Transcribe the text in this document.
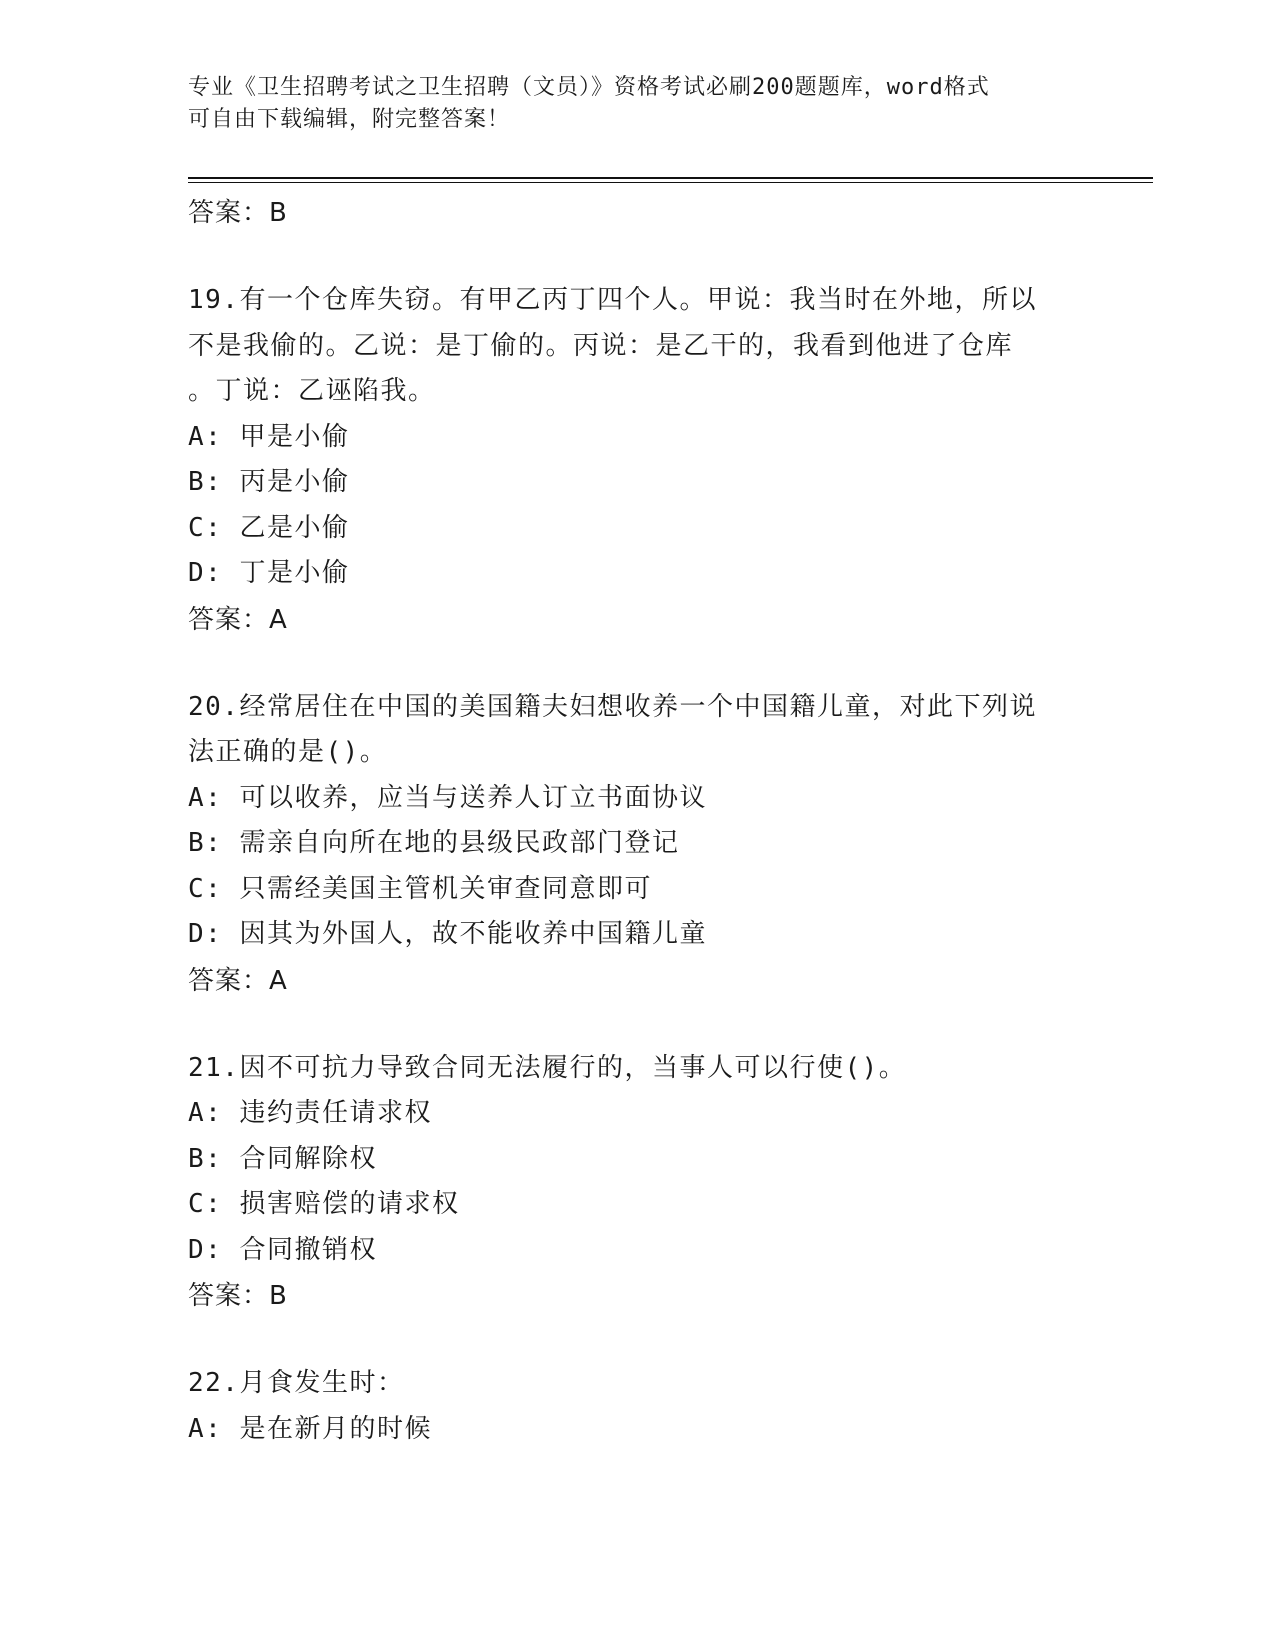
专业《卫生招聘考试之卫生招聘（文员）》资格考试必刷200题题库，word格式
可自由下载编辑，附完整答案！
答案：B
19.有一个仓库失窃。有甲乙丙丁四个人。甲说：我当时在外地，所以
不是我偷的。乙说：是丁偷的。丙说：是乙干的，我看到他进了仓库
。丁说：乙诬陷我。
A: 甲是小偷
B: 丙是小偷
C: 乙是小偷
D: 丁是小偷
答案：A
20.经常居住在中国的美国籍夫妇想收养一个中国籍儿童，对此下列说
法正确的是()。
A: 可以收养，应当与送养人订立书面协议
B: 需亲自向所在地的县级民政部门登记
C: 只需经美国主管机关审查同意即可
D: 因其为外国人，故不能收养中国籍儿童
答案：A
21.因不可抗力导致合同无法履行的，当事人可以行使()。
A: 违约责任请求权
B: 合同解除权
C: 损害赔偿的请求权
D: 合同撤销权
答案：B
22.月食发生时：
A: 是在新月的时候
